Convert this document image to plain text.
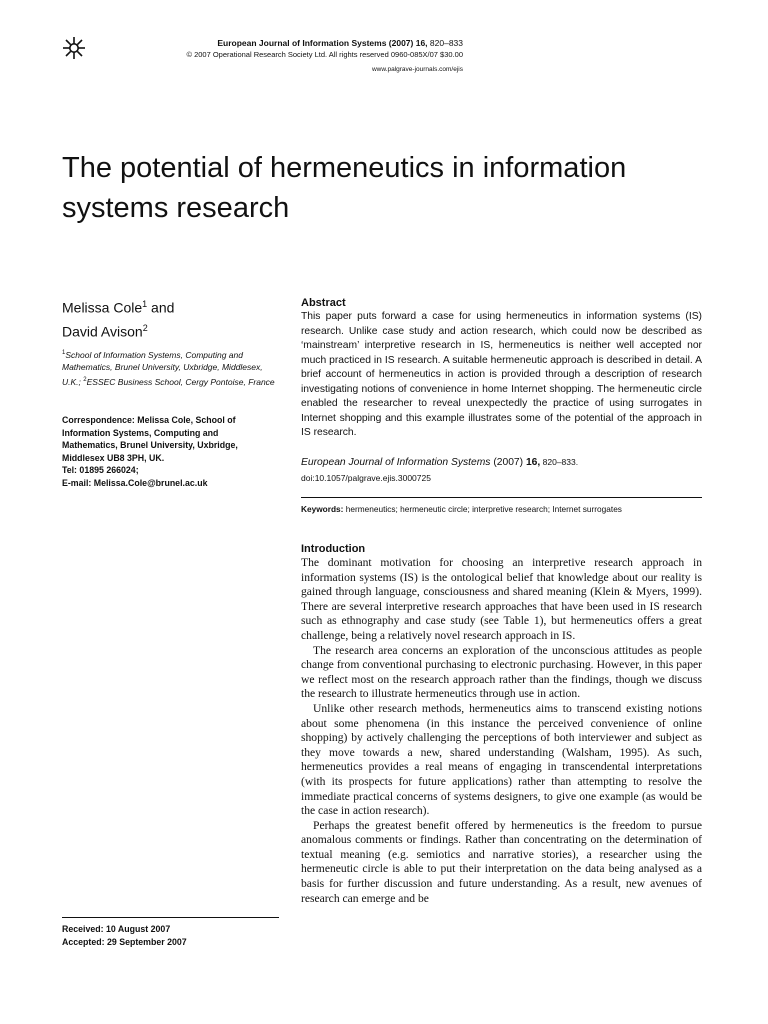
European Journal of Information Systems (2007) 16, 820–833
© 2007 Operational Research Society Ltd. All rights reserved 0960-085X/07 $30.00
www.palgrave-journals.com/ejis
The potential of hermeneutics in information systems research
Melissa Cole$^1$ and
David Avison$^2$
$^1$School of Information Systems, Computing and Mathematics, Brunel University, Uxbridge, Middlesex, U.K.; $^2$ESSEC Business School, Cergy Pontoise, France
Correspondence: Melissa Cole, School of
Information Systems, Computing and
Mathematics, Brunel University, Uxbridge,
Middlesex UB8 3PH, UK.
Tel: 01895 266024;
E-mail: Melissa.Cole@brunel.ac.uk
Received: 10 August 2007
Accepted: 29 September 2007
Abstract

This paper puts forward a case for using hermeneutics in information systems (IS) research. Unlike case study and action research, which could now be described as ‘mainstream’ interpretive research in IS, hermeneutics is neither well accepted nor much practiced in IS research. A suitable hermeneutic approach is described in detail. A brief account of hermeneutics in action is provided through a description of research investigating notions of convenience in home Internet shopping. The hermeneutic circle enabled the researcher to reveal unexpectedly the practice of using surrogates in Internet shopping and this example illustrates some of the potential of the approach in IS research.

European Journal of Information Systems (2007) 16, 820–833.
doi:10.1057/palgrave.ejis.3000725
Keywords: hermeneutics; hermeneutic circle; interpretive research; Internet surrogates
Introduction

The dominant motivation for choosing an interpretive research approach in information systems (IS) is the ontological belief that knowledge about our reality is gained through language, consciousness and shared meaning (Klein & Myers, 1999). There are several interpretive research approaches that have been used in IS research such as ethnography and case study (see Table 1), but hermeneutics offers a great challenge, being a relatively novel research approach in IS.

The research area concerns an exploration of the unconscious attitudes as people change from conventional purchasing to electronic purchasing. However, in this paper we reflect most on the research approach rather than the findings, though we discuss the research to illustrate hermeneutics through use in action.

Unlike other research methods, hermeneutics aims to transcend existing notions about some phenomena (in this instance the perceived convenience of online shopping) by actively challenging the perceptions of both interviewer and subject as they move towards a new, shared understanding (Walsham, 1995). As such, hermeneutics provides a real means of engaging in transcendental interpretations (with its prospects for future applications) rather than attempting to resolve the immediate practical concerns of systems designers, to give one example (as would be the case in action research).

Perhaps the greatest benefit offered by hermeneutics is the freedom to pursue anomalous comments or findings. Rather than concentrating on the determination of textual meaning (e.g. semiotics and narrative stories), a researcher using the hermeneutic circle is able to put their interpretation on the data being analysed as a basis for further discussion and future understanding. As a result, new avenues of research can emerge and be
